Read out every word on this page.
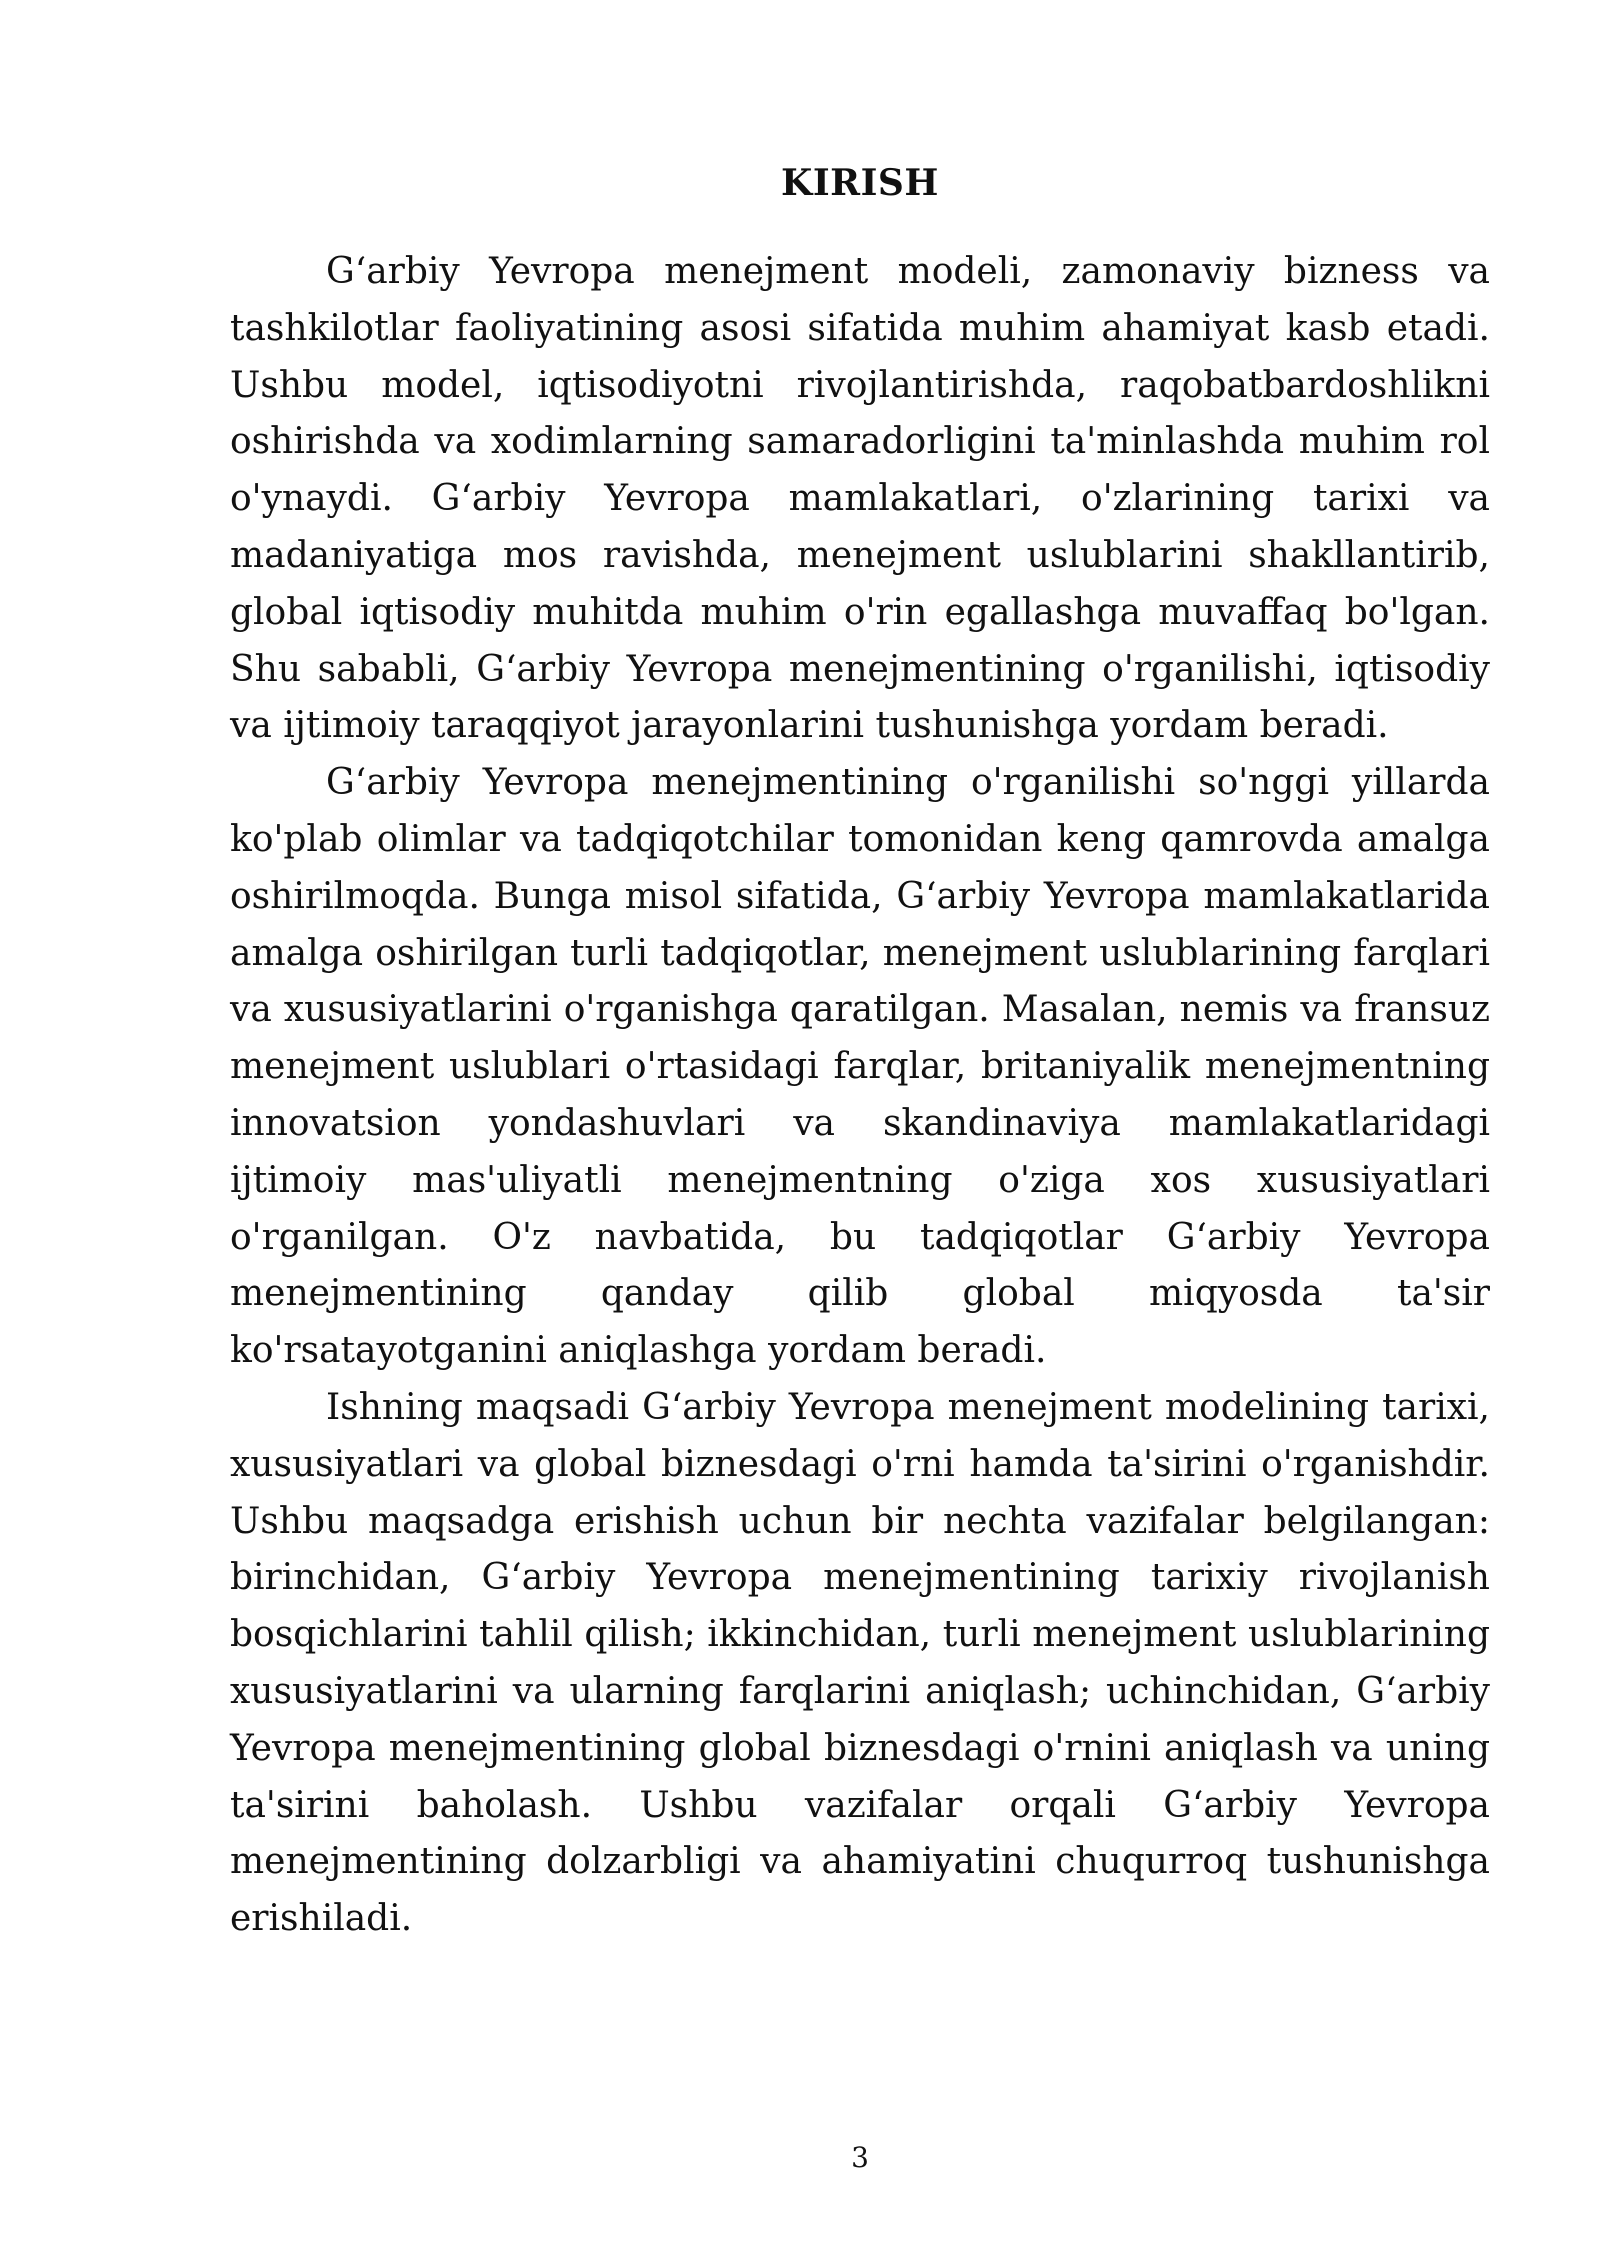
KIRISH

G‘arbiy Yevropa menejment modeli, zamonaviy bizness va tashkilotlar faoliyatining asosi sifatida muhim ahamiyat kasb etadi. Ushbu model, iqtisodiyotni rivojlantirishda, raqobatbardoshlikni oshirishda va xodimlarning samaradorligini ta'minlashda muhim rol o'ynaydi. G‘arbiy Yevropa mamlakatlari, o'zlarining tarixi va madaniyatiga mos ravishda, menejment uslublarini shakllantirib, global iqtisodiy muhitda muhim o'rin egallashga muvaffaq bo'lgan. Shu sababli, G‘arbiy Yevropa menejmentining o'rganilishi, iqtisodiy va ijtimoiy taraqqiyot jarayonlarini tushunishga yordam beradi.

G‘arbiy Yevropa menejmentining o'rganilishi so'nggi yillarda ko'plab olimlar va tadqiqotchilar tomonidan keng qamrovda amalga oshirilmoqda. Bunga misol sifatida, G‘arbiy Yevropa mamlakatlarida amalga oshirilgan turli tadqiqotlar, menejment uslublarining farqlari va xususiyatlarini o'rganishga qaratilgan. Masalan, nemis va fransuz menejment uslublari o'rtasidagi farqlar, britaniyalik menejmentning innovatsion yondashuvlari va skandinaviya mamlakatlaridagi ijtimoiy mas'uliyatli menejmentning o'ziga xos xususiyatlari o'rganilgan. O'z navbatida, bu tadqiqotlar G‘arbiy Yevropa menejmentining qanday qilib global miqyosda ta'sir ko'rsatayotganini aniqlashga yordam beradi.

Ishning maqsadi G‘arbiy Yevropa menejment modelining tarixi, xususiyatlari va global biznesdagi o'rni hamda ta'sirini o'rganishdir. Ushbu maqsadga erishish uchun bir nechta vazifalar belgilangan: birinchidan, G‘arbiy Yevropa menejmentining tarixiy rivojlanish bosqichlarini tahlil qilish; ikkinchidan, turli menejment uslublarining xususiyatlarini va ularning farqlarini aniqlash; uchinchidan, G‘arbiy Yevropa menejmentining global biznesdagi o'rnini aniqlash va uning ta'sirini baholash. Ushbu vazifalar orqali G‘arbiy Yevropa menejmentining dolzarbligi va ahamiyatini chuqurroq tushunishga erishiladi.

3
